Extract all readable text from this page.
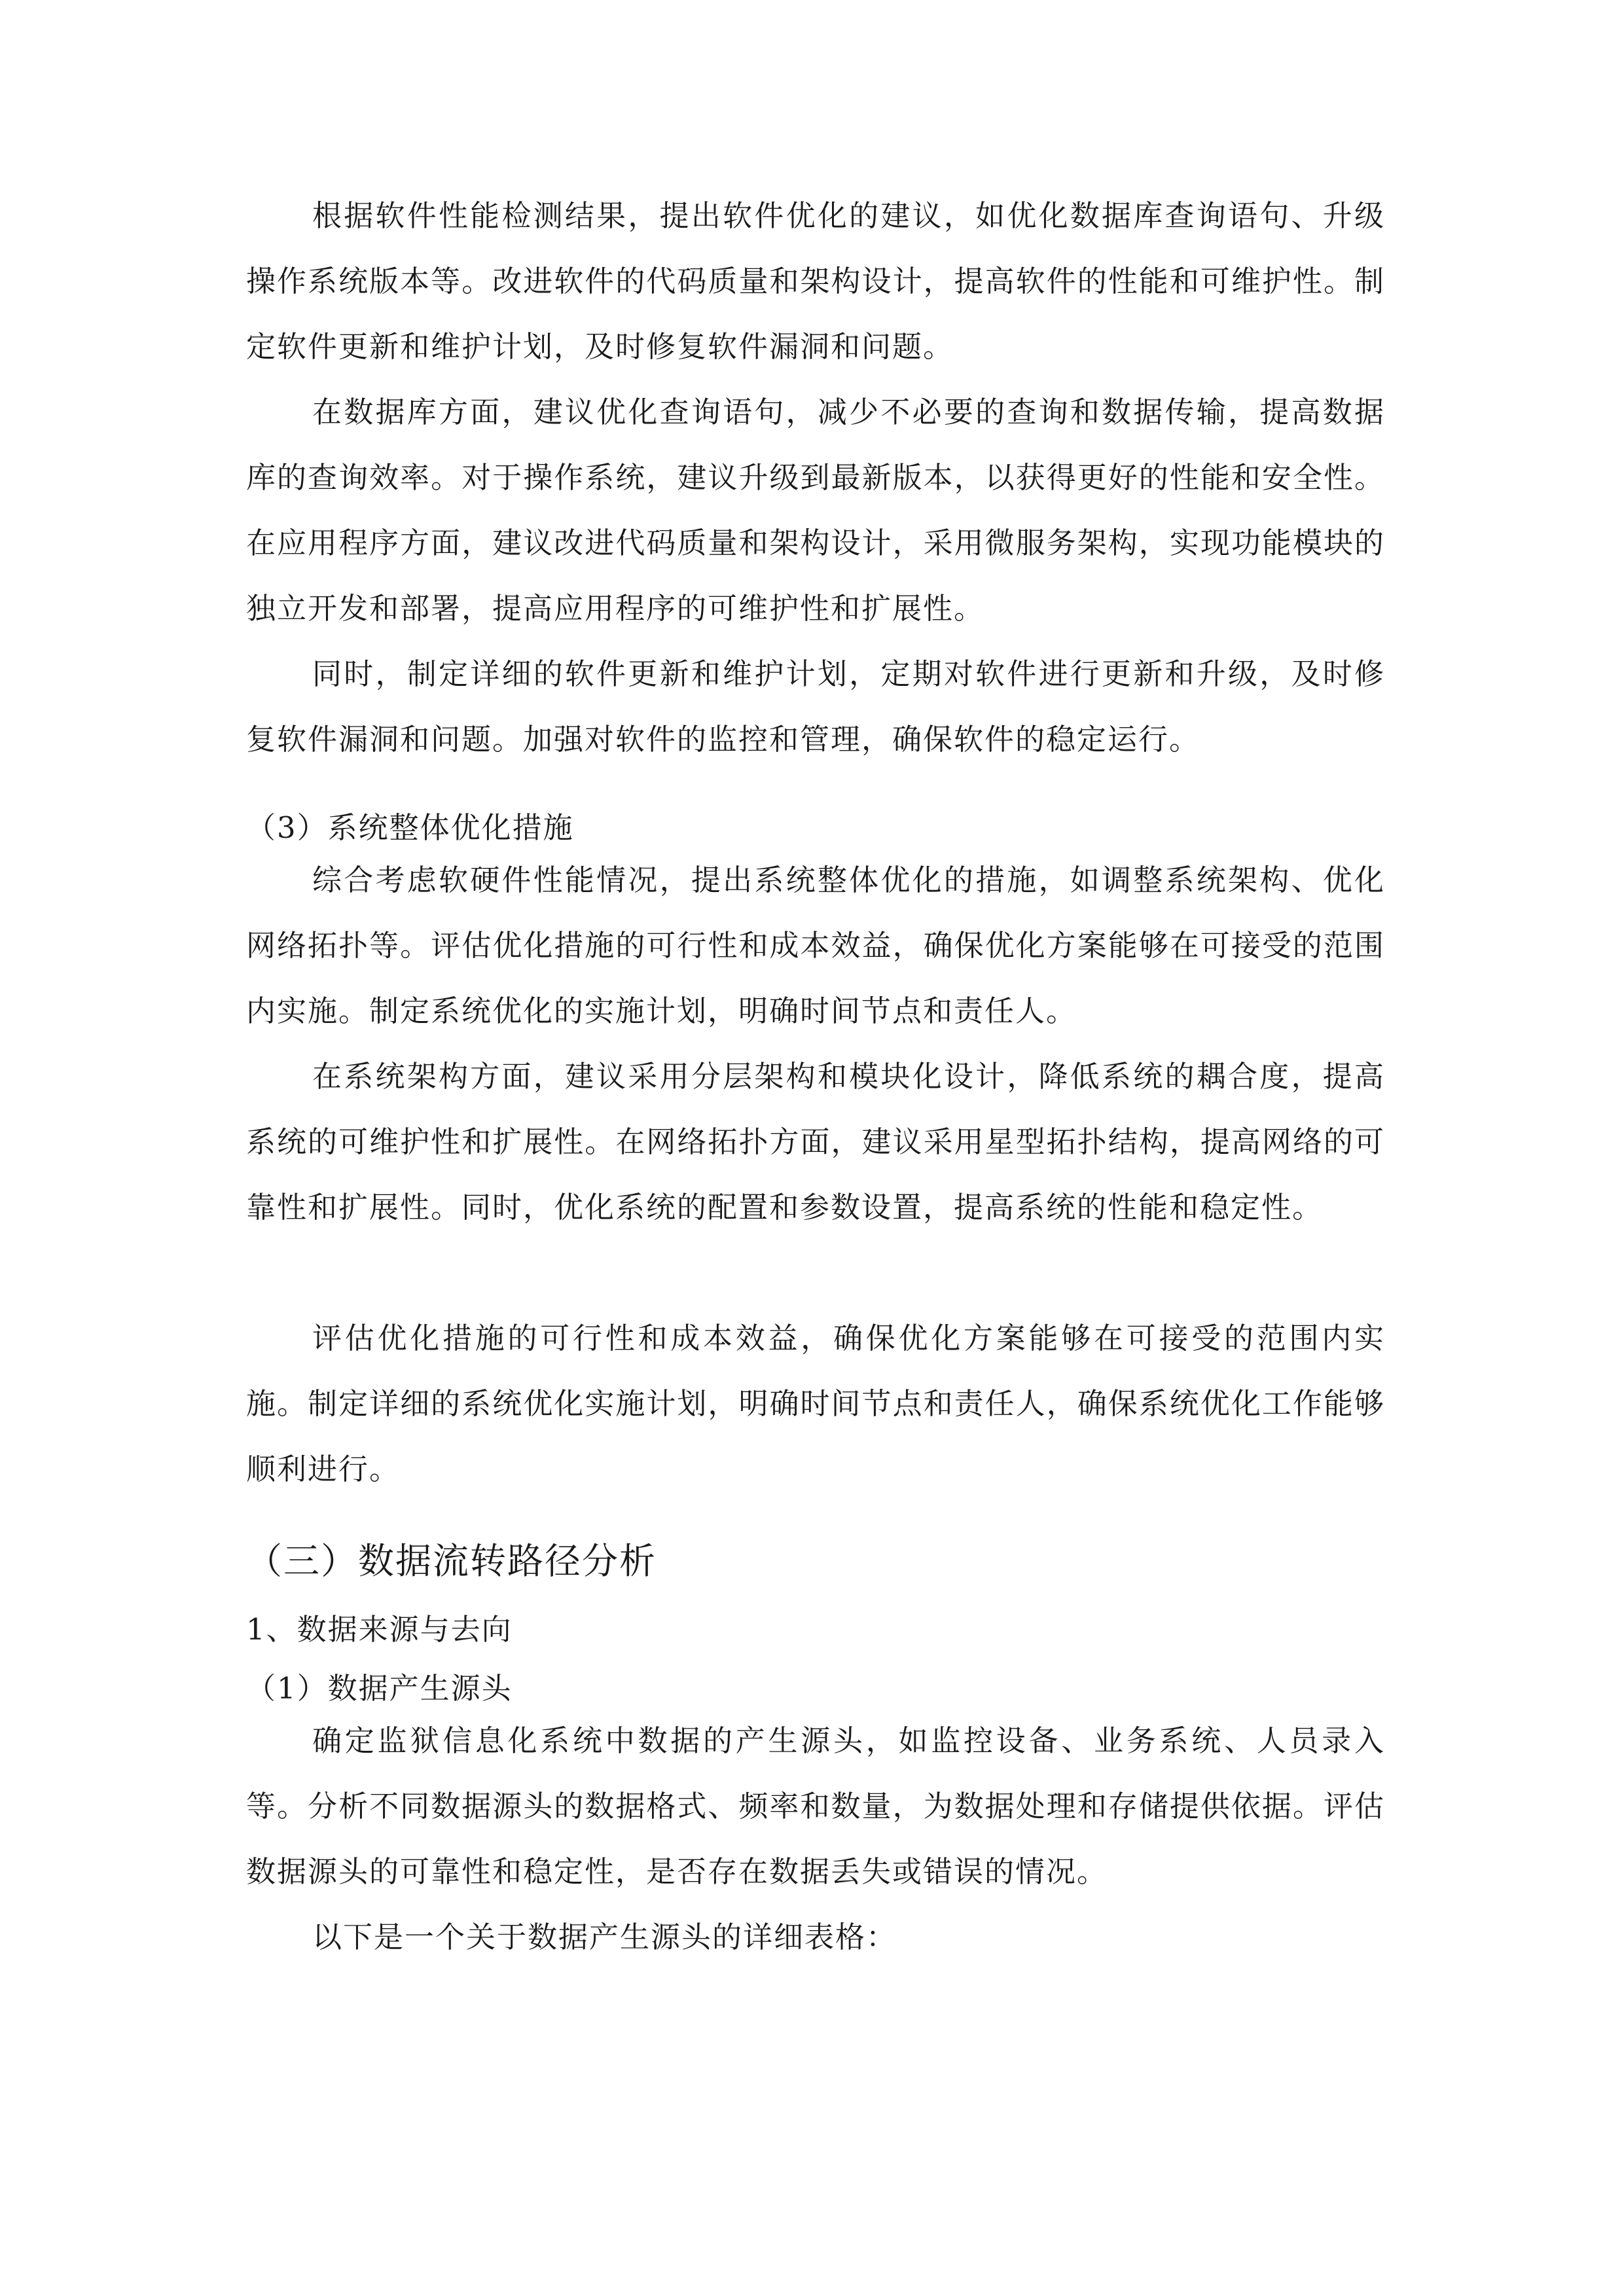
根据软件性能检测结果，提出软件优化的建议，如优化数据库查询语句、升级操作系统版本等。改进软件的代码质量和架构设计，提高软件的性能和可维护性。制定软件更新和维护计划，及时修复软件漏洞和问题。

在数据库方面，建议优化查询语句，减少不必要的查询和数据传输，提高数据库的查询效率。对于操作系统，建议升级到最新版本，以获得更好的性能和安全性。在应用程序方面，建议改进代码质量和架构设计，采用微服务架构，实现功能模块的独立开发和部署，提高应用程序的可维护性和扩展性。

同时，制定详细的软件更新和维护计划，定期对软件进行更新和升级，及时修复软件漏洞和问题。加强对软件的监控和管理，确保软件的稳定运行。

（3）系统整体优化措施

综合考虑软硬件性能情况，提出系统整体优化的措施，如调整系统架构、优化网络拓扑等。评估优化措施的可行性和成本效益，确保优化方案能够在可接受的范围内实施。制定系统优化的实施计划，明确时间节点和责任人。

在系统架构方面，建议采用分层架构和模块化设计，降低系统的耦合度，提高系统的可维护性和扩展性。在网络拓扑方面，建议采用星型拓扑结构，提高网络的可靠性和扩展性。同时，优化系统的配置和参数设置，提高系统的性能和稳定性。

评估优化措施的可行性和成本效益，确保优化方案能够在可接受的范围内实施。制定详细的系统优化实施计划，明确时间节点和责任人，确保系统优化工作能够顺利进行。

（三）数据流转路径分析

1、数据来源与去向

（1）数据产生源头

确定监狱信息化系统中数据的产生源头，如监控设备、业务系统、人员录入等。分析不同数据源头的数据格式、频率和数量，为数据处理和存储提供依据。评估数据源头的可靠性和稳定性，是否存在数据丢失或错误的情况。

以下是一个关于数据产生源头的详细表格：
